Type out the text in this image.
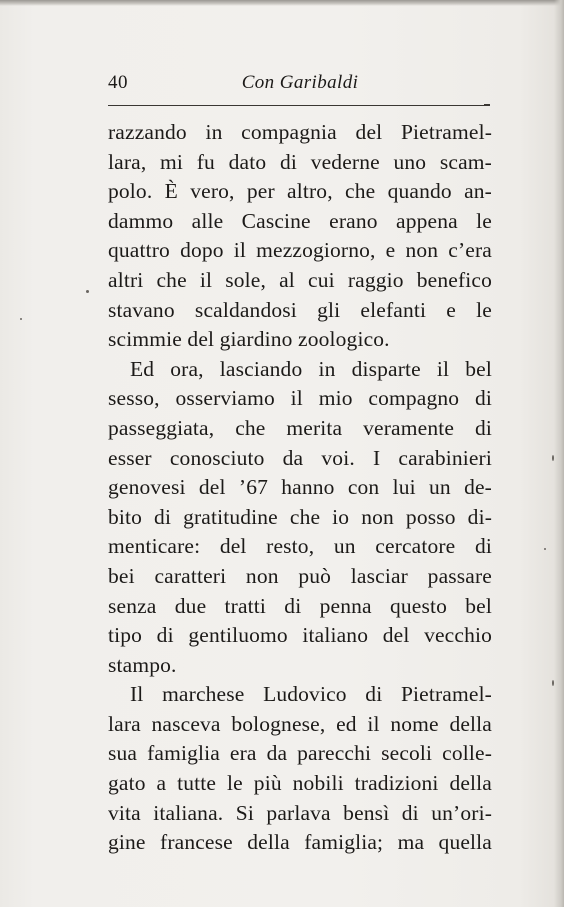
40	Con Garibaldi
razzando in compagnia del Pietramel-
lara, mi fu dato di vederne uno scam-
polo. È vero, per altro, che quando an-
dammo alle Cascine erano appena le
quattro dopo il mezzogiorno, e non c’era
altri che il sole, al cui raggio benefico
stavano scaldandosi gli elefanti e le
scimmie del giardino zoologico.
Ed ora, lasciando in disparte il bel
sesso, osserviamo il mio compagno di
passeggiata, che merita veramente di
esser conosciuto da voi. I carabinieri
genovesi del ’67 hanno con lui un de-
bito di gratitudine che io non posso di-
menticare: del resto, un cercatore di
bei caratteri non può lasciar passare
senza due tratti di penna questo bel
tipo di gentiluomo italiano del vecchio
stampo.
Il marchese Ludovico di Pietramel-
lara nasceva bolognese, ed il nome della
sua famiglia era da parecchi secoli colle-
gato a tutte le più nobili tradizioni della
vita italiana. Si parlava bensì di un’ori-
gine francese della famiglia; ma quella
